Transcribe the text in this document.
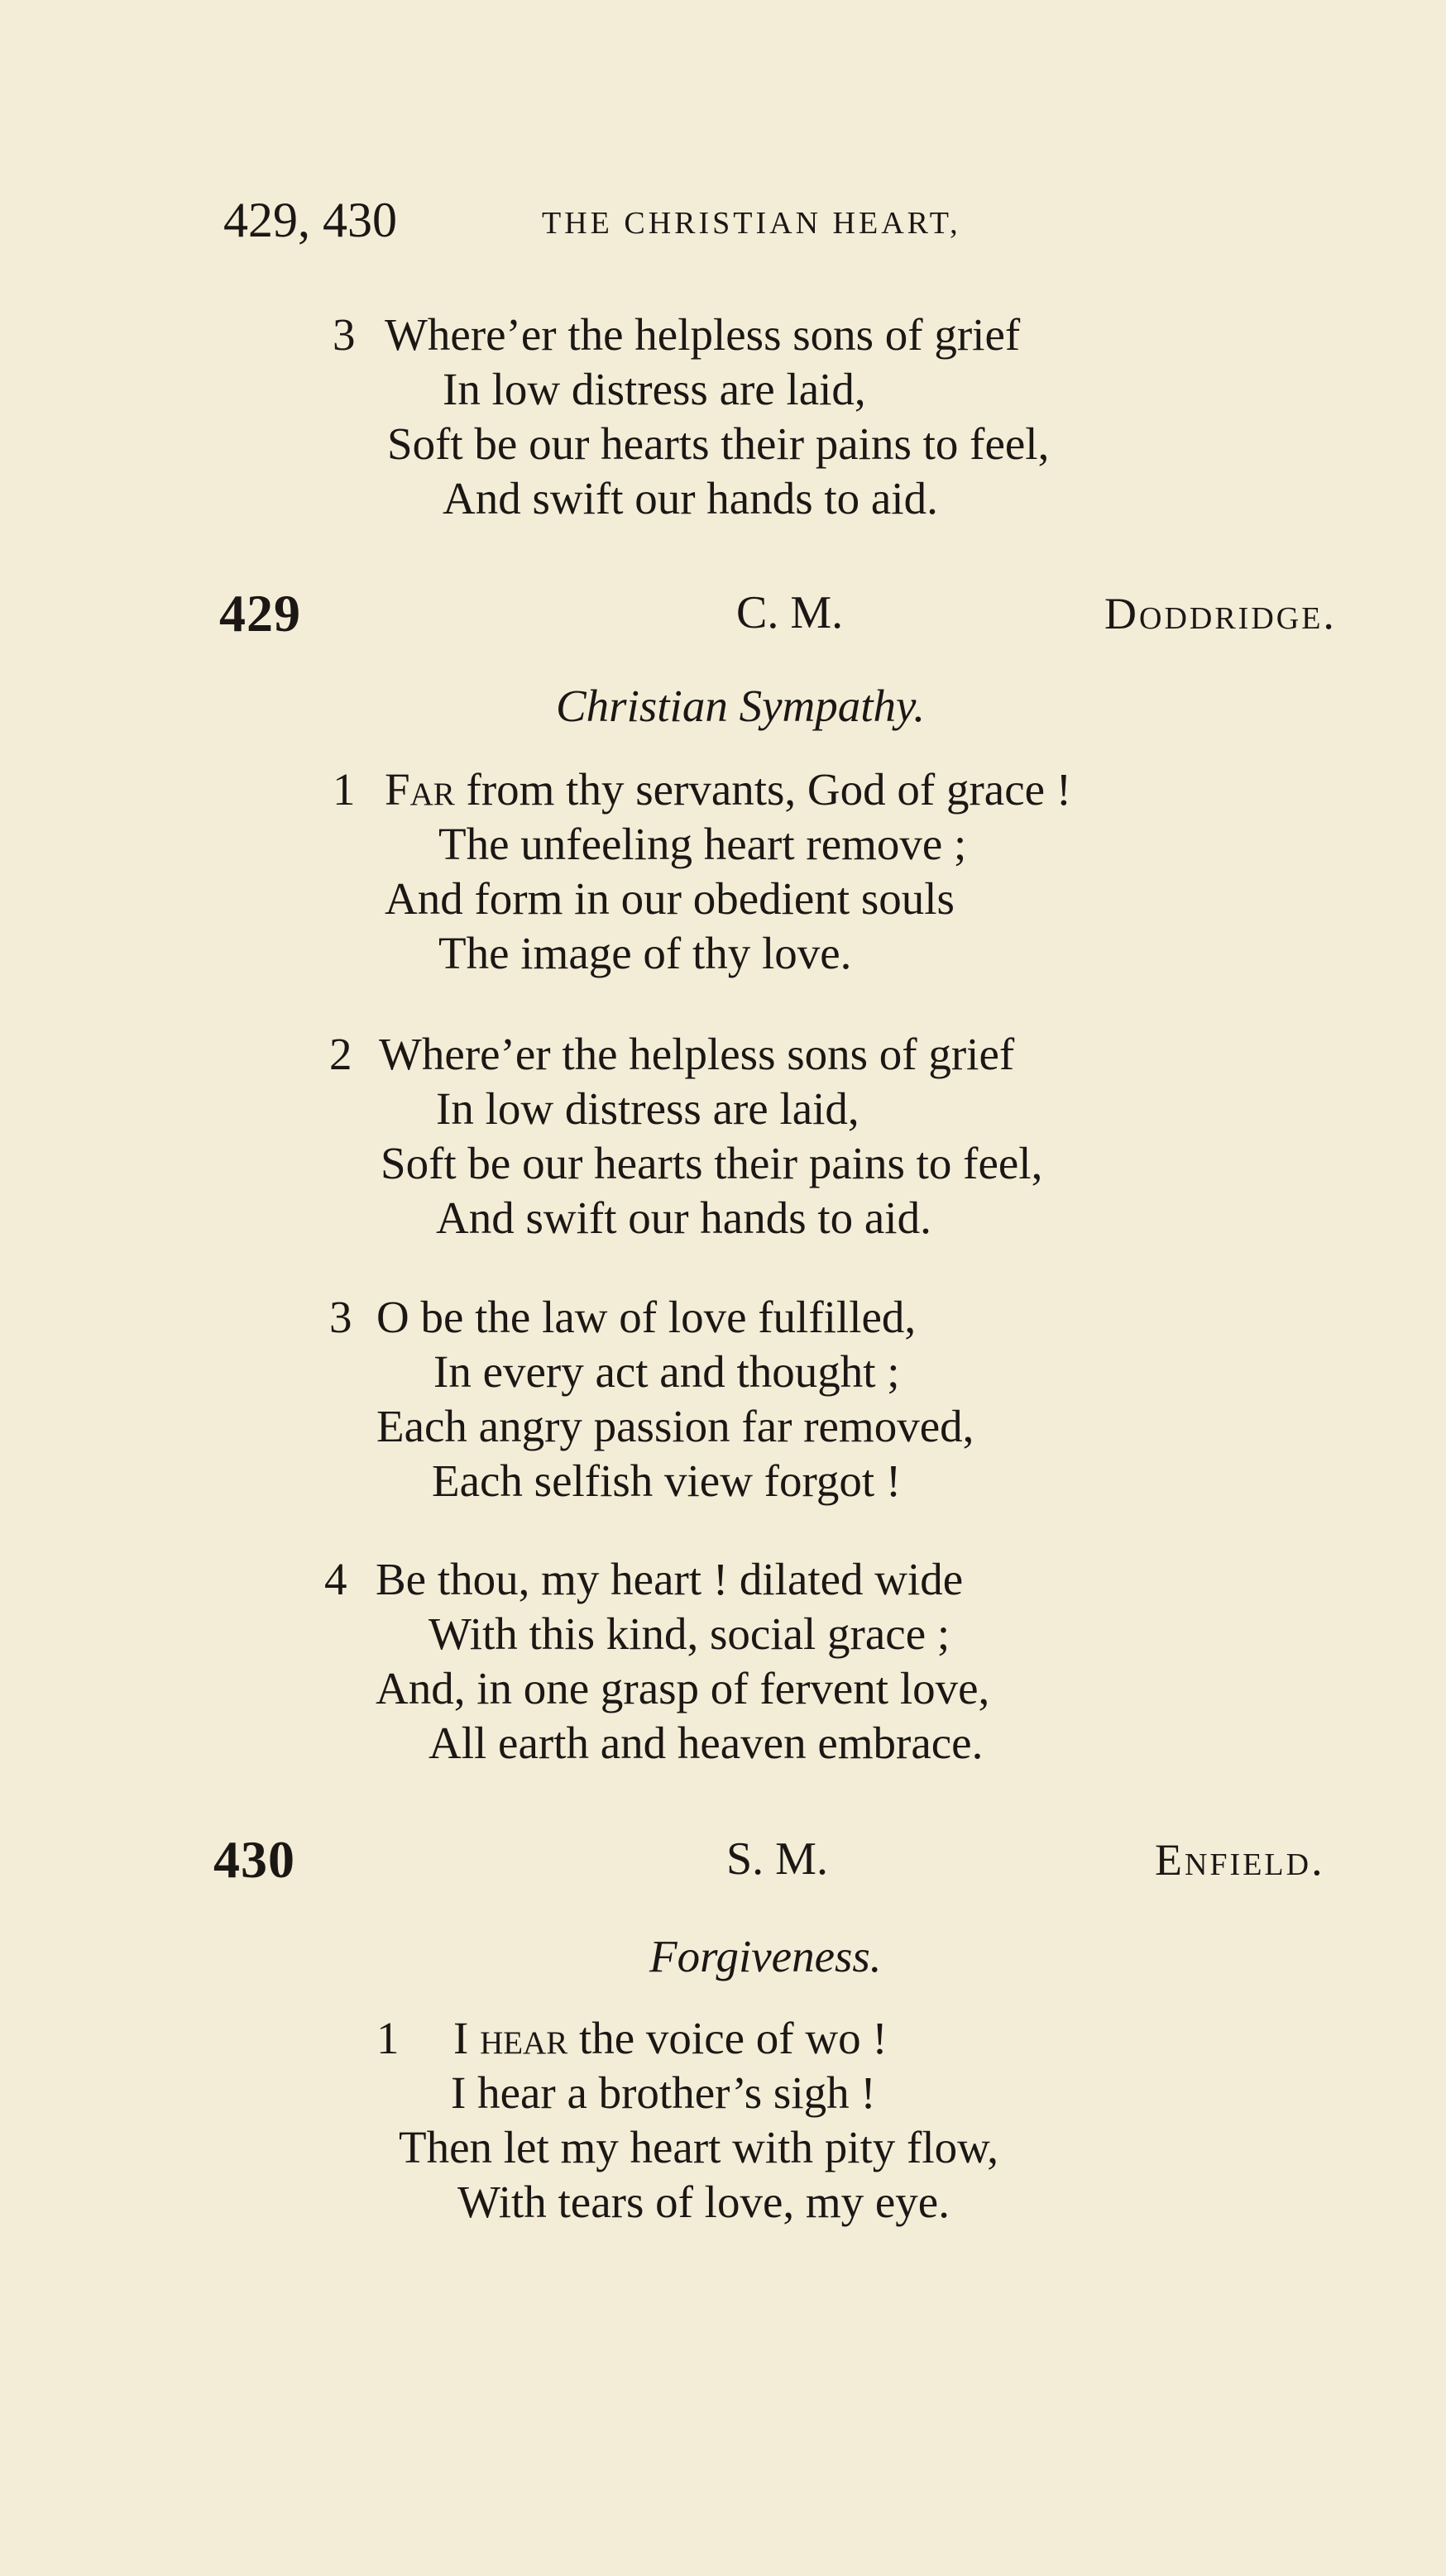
429, 430	THE CHRISTIAN HEART,
3 Where’er the helpless sons of grief
In low distress are laid,
Soft be our hearts their pains to feel,
And swift our hands to aid.
429	C. M.	Doddridge.
Christian Sympathy.
1 Far from thy servants, God of grace !
The unfeeling heart remove ;
And form in our obedient souls
The image of thy love.
2 Where’er the helpless sons of grief
In low distress are laid,
Soft be our hearts their pains to feel,
And swift our hands to aid.
3 O be the law of love fulfilled,
In every act and thought ;
Each angry passion far removed,
Each selfish view forgot !
4 Be thou, my heart ! dilated wide
With this kind, social grace ;
And, in one grasp of fervent love,
All earth and heaven embrace.
430	S. M.	Enfield.
Forgiveness.
1 I hear the voice of wo !
I hear a brother’s sigh !
Then let my heart with pity flow,
With tears of love, my eye.
